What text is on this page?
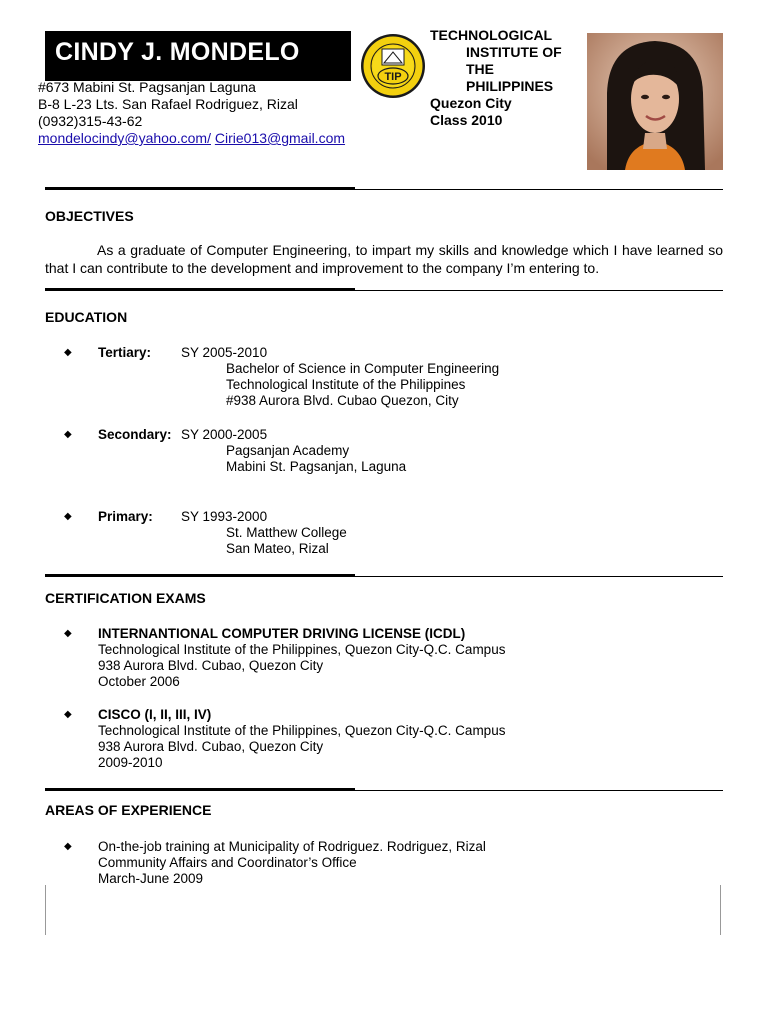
CINDY J. MONDELO
#673 Mabini St. Pagsanjan Laguna
B-8 L-23 Lts. San Rafael Rodriguez, Rizal
(0932)315-43-62
mondelocindy@yahoo.com/ Cirie013@gmail.com
TIP
TECHNOLOGICAL
INSTITUTE OF
THE
PHILIPPINES
Quezon City
Class 2010
OBJECTIVES
As a graduate of Computer Engineering, to impart my skills and knowledge which I have learned so that I can contribute to the development and improvement to the company I’m entering to.
EDUCATION
◆ Tertiary: SY 2005-2010
Bachelor of Science in Computer Engineering
Technological Institute of the Philippines
#938 Aurora Blvd. Cubao Quezon, City
◆ Secondary: SY 2000-2005
Pagsanjan Academy
Mabini St. Pagsanjan, Laguna
◆ Primary: SY 1993-2000
St. Matthew College
San Mateo, Rizal
CERTIFICATION EXAMS
◆ INTERNANTIONAL COMPUTER DRIVING LICENSE (ICDL)
Technological Institute of the Philippines, Quezon City-Q.C. Campus
938 Aurora Blvd. Cubao, Quezon City
October 2006
◆ CISCO (I, II, III, IV)
Technological Institute of the Philippines, Quezon City-Q.C. Campus
938 Aurora Blvd. Cubao, Quezon City
2009-2010
AREAS OF EXPERIENCE
◆ On-the-job training at Municipality of Rodriguez. Rodriguez, Rizal
Community Affairs and Coordinator’s Office
March-June 2009
